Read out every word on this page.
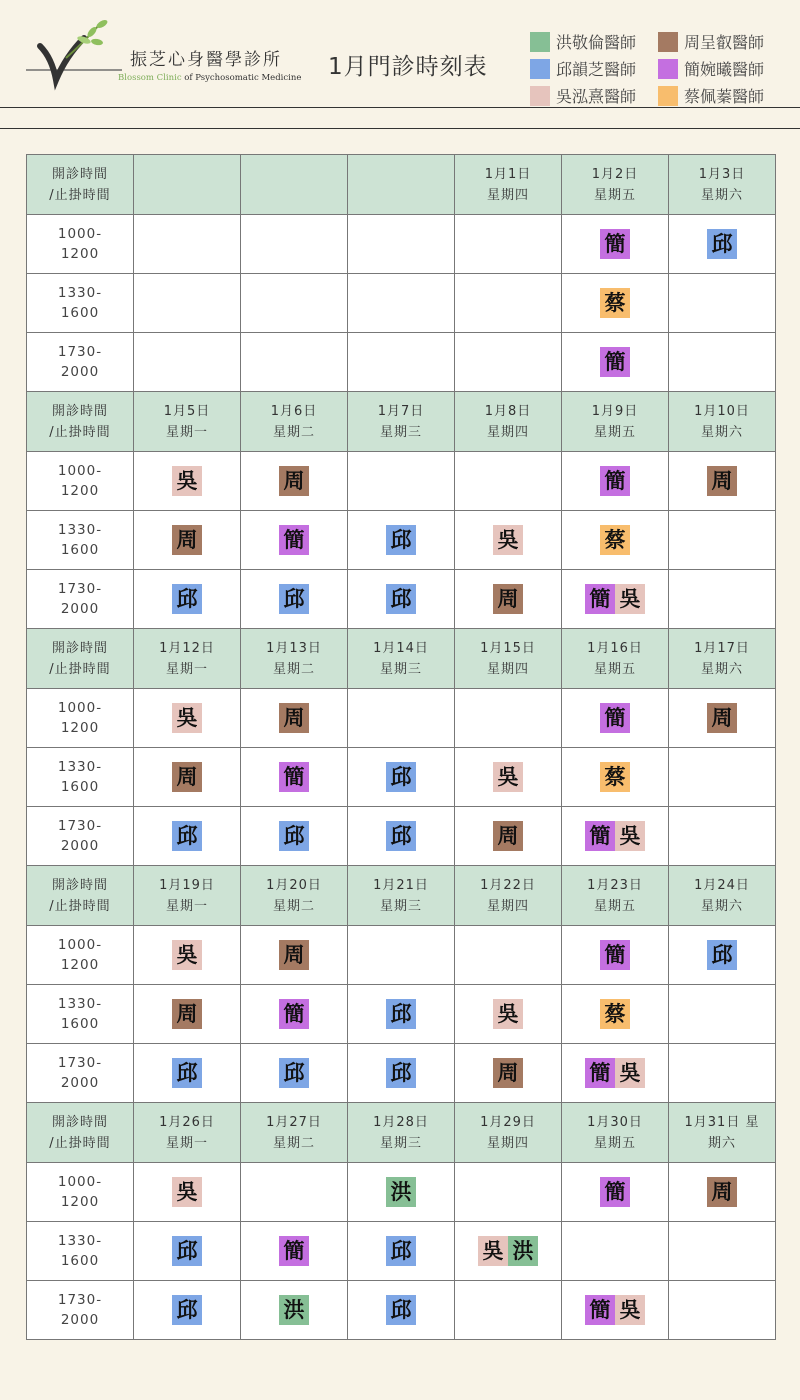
振芝心身醫學診所
Blossom Clinic of Psychosomatic Medicine 1月門診時刻表
洪敬倫醫師
邱韻芝醫師
吳泓熹醫師
周呈叡醫師
簡婉曦醫師
蔡佩蓁醫師
開診時間
/止掛時間				1月1日
星期四	1月2日
星期五	1月3日
星期六

1000-
1200					簡	邱

1330-
1600					蔡	

1730-
2000					簡	

開診時間
/止掛時間	1月5日
星期一	1月6日
星期二	1月7日
星期三	1月8日
星期四	1月9日
星期五	1月10日
星期六

1000-
1200	吳	周			簡	周

1330-
1600	周	簡	邱	吳	蔡	

1730-
2000	邱	邱	邱	周	簡 吳	

開診時間
/止掛時間	1月12日
星期一	1月13日
星期二	1月14日
星期三	1月15日
星期四	1月16日
星期五	1月17日
星期六

1000-
1200	吳	周			簡	周

1330-
1600	周	簡	邱	吳	蔡	

1730-
2000	邱	邱	邱	周	簡 吳	

開診時間
/止掛時間	1月19日
星期一	1月20日
星期二	1月21日
星期三	1月22日
星期四	1月23日
星期五	1月24日
星期六

1000-
1200	吳	周			簡	邱

1330-
1600	周	簡	邱	吳	蔡	

1730-
2000	邱	邱	邱	周	簡 吳	

開診時間
/止掛時間	1月26日
星期一	1月27日
星期二	1月28日
星期三	1月29日
星期四	1月30日
星期五	1月31日 星
期六

1000-
1200	吳		洪		簡	周

1330-
1600	邱	簡	邱	吳 洪		

1730-
2000	邱	洪	邱		簡 吳	
